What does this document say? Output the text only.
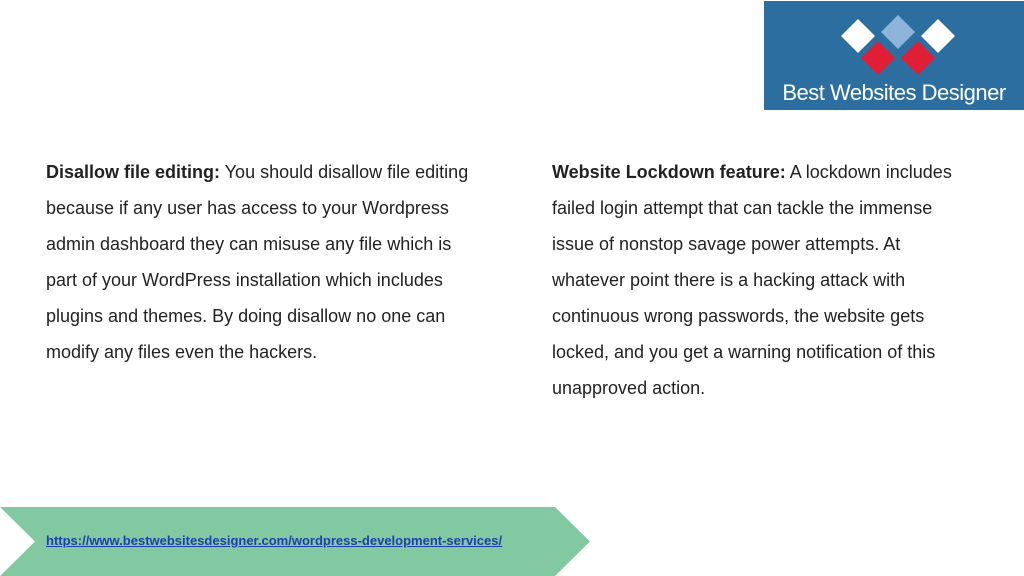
Best Websites Designer
Disallow file editing: You should disallow file editing because if any user has access to your Wordpress admin dashboard they can misuse any file which is part of your WordPress installation which includes plugins and themes. By doing disallow no one can modify any files even the hackers.
Website Lockdown feature: A lockdown includes failed login attempt that can tackle the immense issue of nonstop savage power attempts. At whatever point there is a hacking attack with continuous wrong passwords, the website gets locked, and you get a warning notification of this unapproved action.
https://www.bestwebsitesdesigner.com/wordpress-development-services/
